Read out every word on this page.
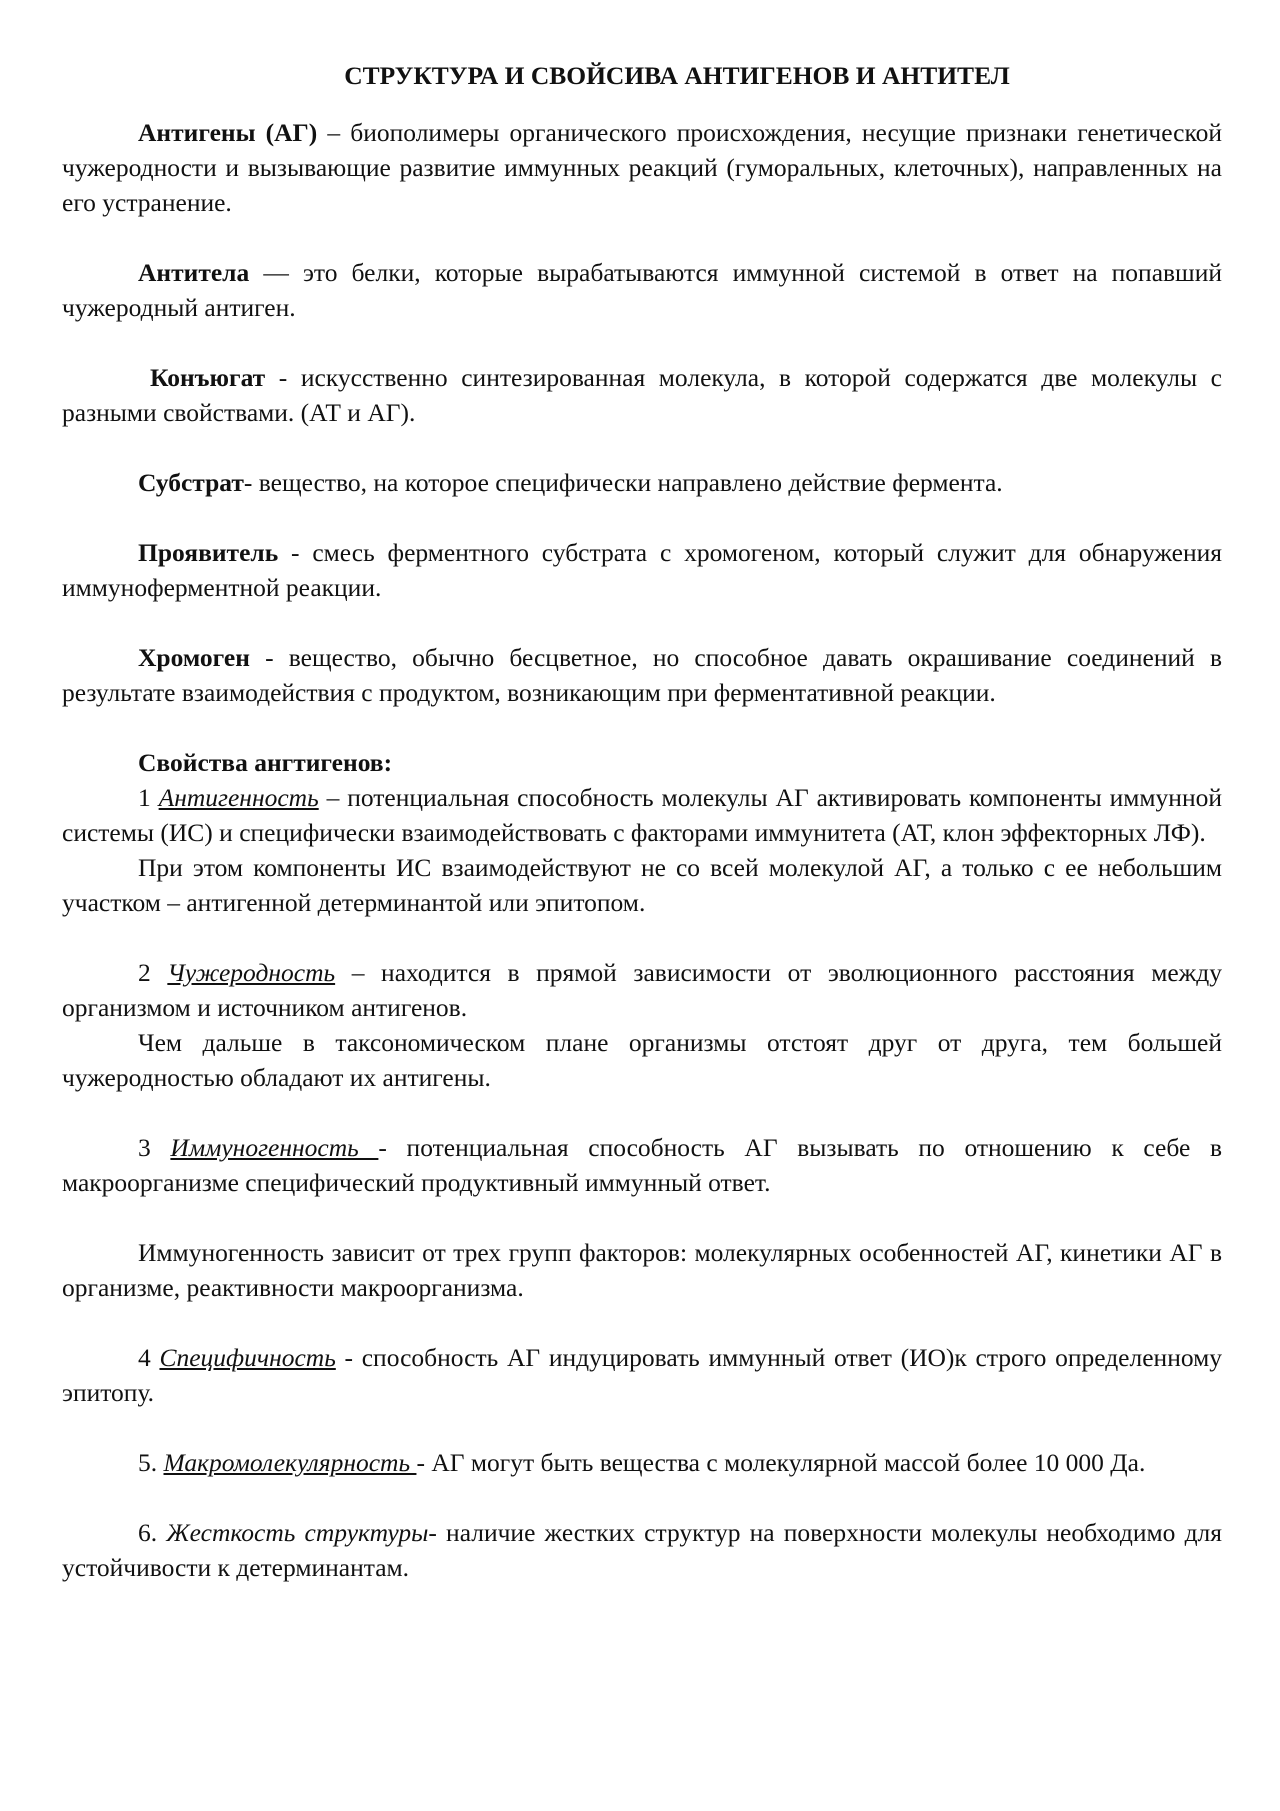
СТРУКТУРА И СВОЙСИВА АНТИГЕНОВ И АНТИТЕЛ

Антигены (АГ) – биополимеры органического происхождения, несущие признаки генетической чужеродности и вызывающие развитие иммунных реакций (гуморальных, клеточных), направленных на его устранение.

Антитела — это белки, которые вырабатываются иммунной системой в ответ на попавший чужеродный антиген.

Конъюгат - искусственно синтезированная молекула, в которой содержатся две молекулы с разными свойствами. (АТ и АГ).

Субстрат- вещество, на которое специфически направлено действие фермента.

Проявитель - смесь ферментного субстрата с хромогеном, который служит для обнаружения иммуноферментной реакции.

Хромоген - вещество, обычно бесцветное, но способное давать окрашивание соединений в результате взаимодействия с продуктом, возникающим при ферментативной реакции.

Свойства ангтигенов:

1 Антигенность – потенциальная способность молекулы АГ активировать компоненты иммунной системы (ИС) и специфически взаимодействовать с факторами иммунитета (АТ, клон эффекторных ЛФ).

При этом компоненты ИС взаимодействуют не со всей молекулой АГ, а только с ее небольшим участком – антигенной детерминантой или эпитопом.

2 Чужеродность – находится в прямой зависимости от эволюционного расстояния между организмом и источником антигенов.

Чем дальше в таксономическом плане организмы отстоят друг от друга, тем большей чужеродностью обладают их антигены.

3 Иммуногенность - потенциальная способность АГ вызывать по отношению к себе в макроорганизме специфический продуктивный иммунный ответ.

Иммуногенность зависит от трех групп факторов: молекулярных особенностей АГ, кинетики АГ в организме, реактивности макроорганизма.

4 Специфичность - способность АГ индуцировать иммунный ответ (ИО)к строго определенному эпитопу.

5. Макромолекулярность - АГ могут быть вещества с молекулярной массой более 10 000 Да.

6. Жесткость структуры- наличие жестких структур на поверхности молекулы необходимо для устойчивости к детерминантам.
